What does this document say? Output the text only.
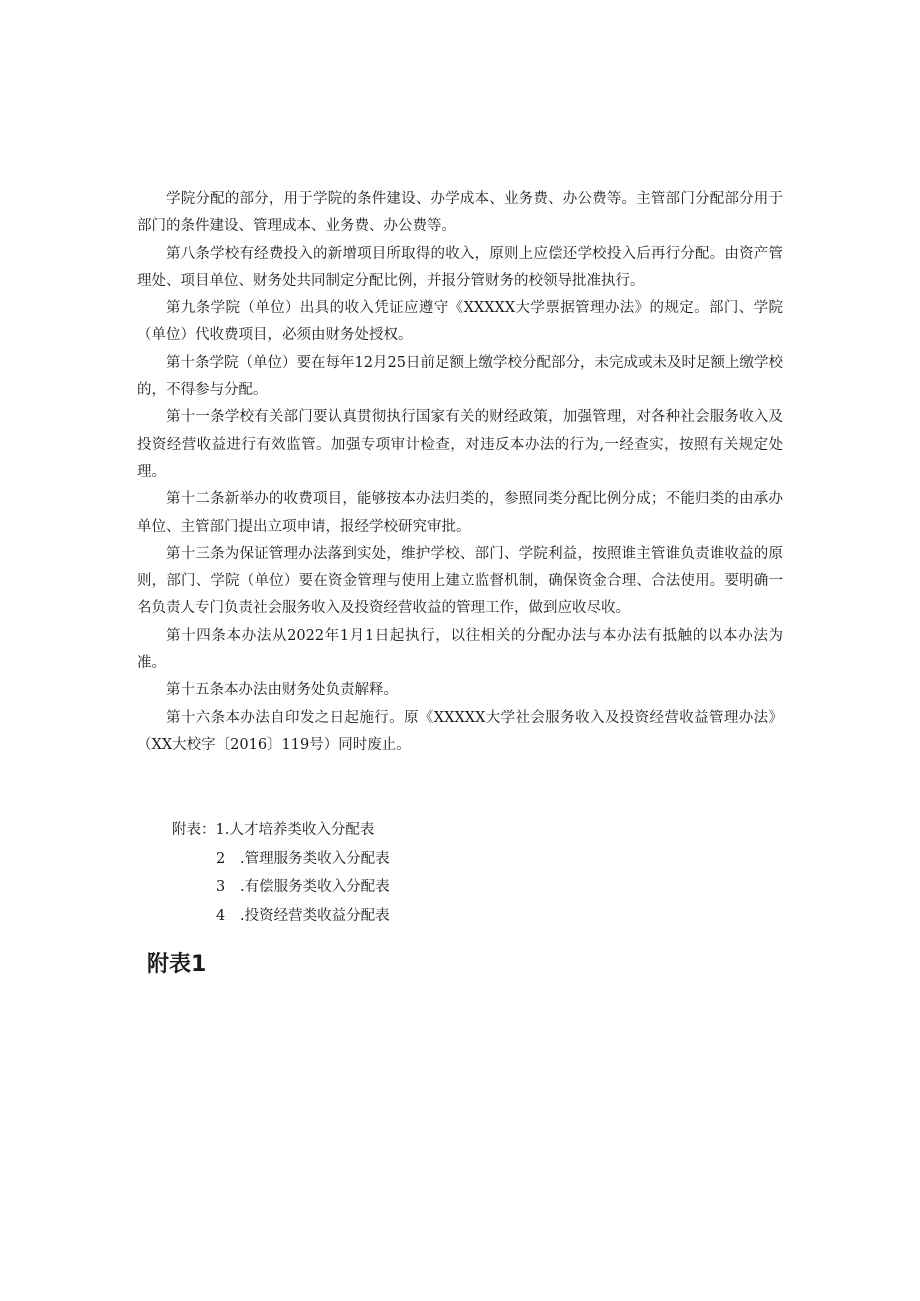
学院分配的部分，用于学院的条件建设、办学成本、业务费、办公费等。主管部门分配部分用于部门的条件建设、管理成本、业务费、办公费等。

第八条学校有经费投入的新增项目所取得的收入，原则上应偿还学校投入后再行分配。由资产管理处、项目单位、财务处共同制定分配比例，并报分管财务的校领导批准执行。

第九条学院（单位）出具的收入凭证应遵守《XXXXX大学票据管理办法》的规定。部门、学院（单位）代收费项目，必须由财务处授权。

第十条学院（单位）要在每年12月25日前足额上缴学校分配部分，未完成或未及时足额上缴学校的，不得参与分配。

第十一条学校有关部门要认真贯彻执行国家有关的财经政策，加强管理，对各种社会服务收入及投资经营收益进行有效监管。加强专项审计检查，对违反本办法的行为,一经查实，按照有关规定处理。

第十二条新举办的收费项目，能够按本办法归类的，参照同类分配比例分成；不能归类的由承办单位、主管部门提出立项申请，报经学校研究审批。

第十三条为保证管理办法落到实处，维护学校、部门、学院利益，按照谁主管谁负责谁收益的原则，部门、学院（单位）要在资金管理与使用上建立监督机制，确保资金合理、合法使用。要明确一名负责人专门负责社会服务收入及投资经营收益的管理工作，做到应收尽收。

第十四条本办法从2022年1月1日起执行，以往相关的分配办法与本办法有抵触的以本办法为准。

第十五条本办法由财务处负责解释。

第十六条本办法自印发之日起施行。原《XXXXX大学社会服务收入及投资经营收益管理办法》（XX大校字〔2016〕119号）同时废止。

附表：1.人才培养类收入分配表
2 .管理服务类收入分配表
3 .有偿服务类收入分配表
4 .投资经营类收益分配表
附表1
